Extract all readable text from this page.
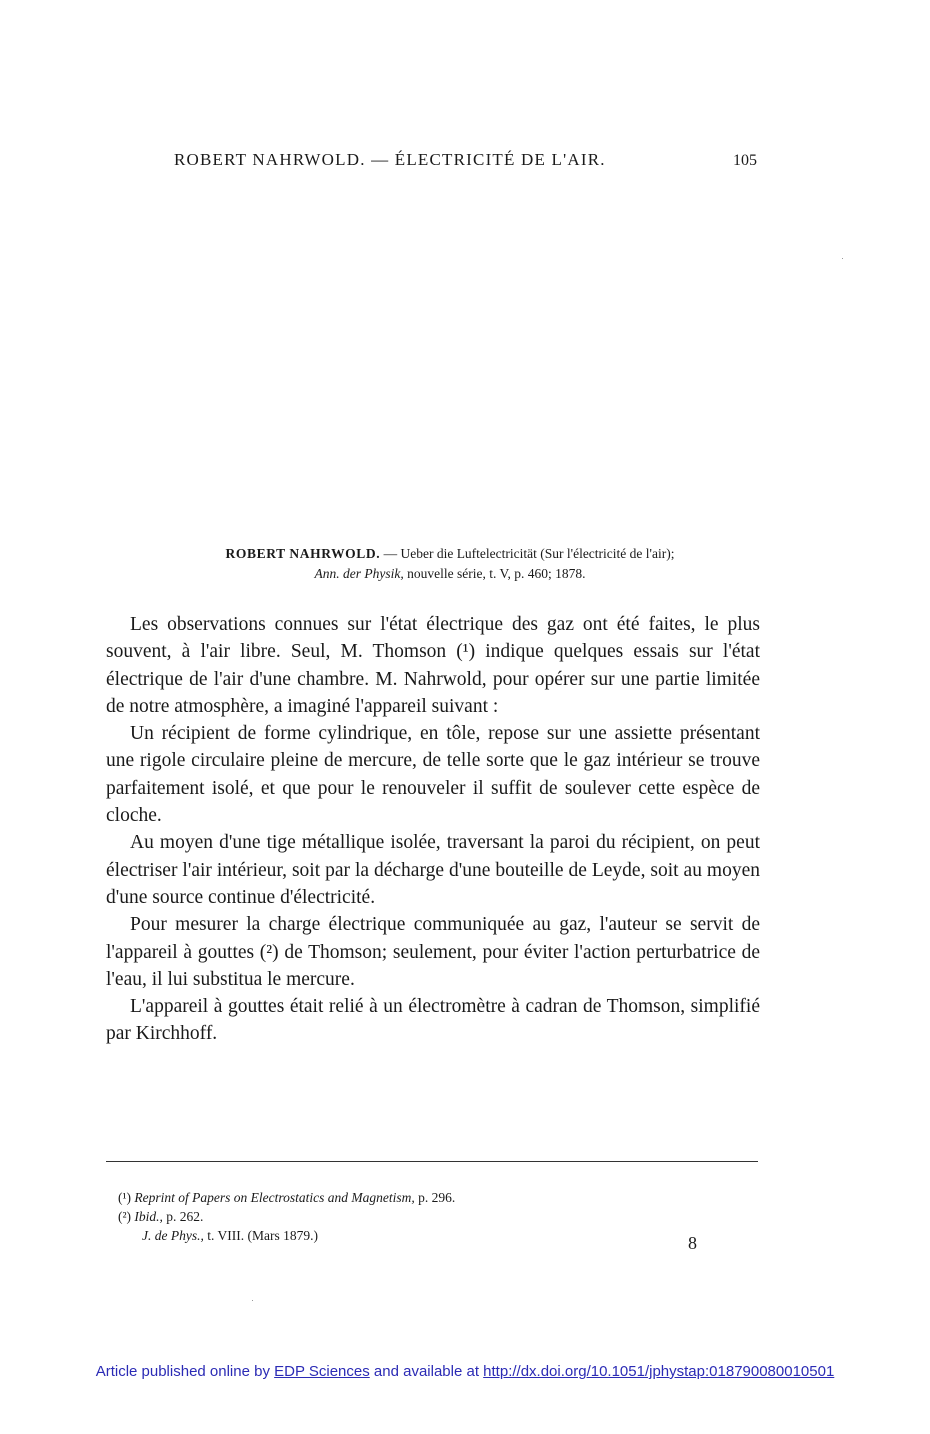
ROBERT NAHRWOLD. — ÉLECTRICITÉ DE L'AIR.	105
ROBERT NAHRWOLD. — Ueber die Luftelectricität (Sur l'électricité de l'air);
Ann. der Physik, nouvelle série, t. V, p. 460; 1878.

Les observations connues sur l'état électrique des gaz ont été faites, le plus souvent, à l'air libre. Seul, M. Thomson (¹) indique quelques essais sur l'état électrique de l'air d'une chambre. M. Nahrwold, pour opérer sur une partie limitée de notre atmosphère, a imaginé l'appareil suivant :

Un récipient de forme cylindrique, en tôle, repose sur une assiette présentant une rigole circulaire pleine de mercure, de telle sorte que le gaz intérieur se trouve parfaitement isolé, et que pour le renouveler il suffit de soulever cette espèce de cloche.

Au moyen d'une tige métallique isolée, traversant la paroi du récipient, on peut électriser l'air intérieur, soit par la décharge d'une bouteille de Leyde, soit au moyen d'une source continue d'électricité.

Pour mesurer la charge électrique communiquée au gaz, l'auteur se servit de l'appareil à gouttes (²) de Thomson; seulement, pour éviter l'action perturbatrice de l'eau, il lui substitua le mercure.

L'appareil à gouttes était relié à un électromètre à cadran de Thomson, simplifié par Kirchhoff.

(¹) Reprint of Papers on Electrostatics and Magnetism, p. 296.
(²) Ibid., p. 262.
J. de Phys., t. VIII. (Mars 1879.)	8
Article published online by EDP Sciences and available at http://dx.doi.org/10.1051/jphystap:018790080010501
